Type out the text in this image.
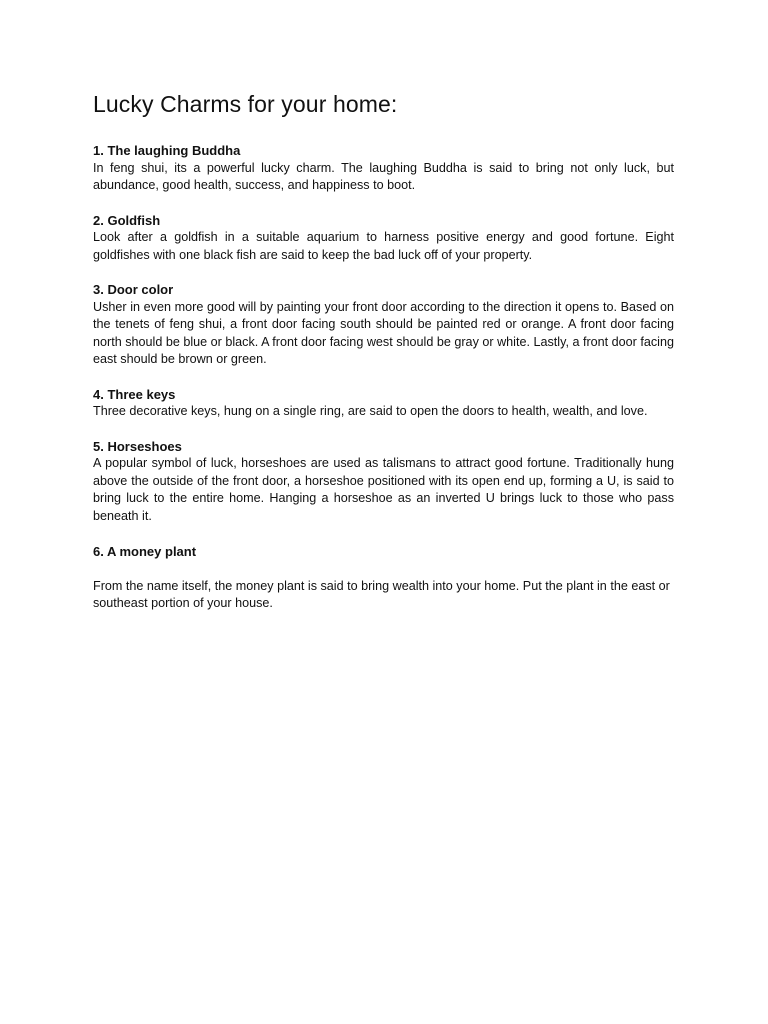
Lucky Charms for your home:

1. The laughing Buddha

In feng shui, its a powerful lucky charm. The laughing Buddha is said to bring not only luck, but abundance, good health, success, and happiness to boot.

2. Goldfish

Look after a goldfish in a suitable aquarium to harness positive energy and good fortune. Eight goldfishes with one black fish are said to keep the bad luck off of your property.

3. Door color

Usher in even more good will by painting your front door according to the direction it opens to. Based on the tenets of feng shui, a front door facing south should be painted red or orange. A front door facing north should be blue or black. A front door facing west should be gray or white. Lastly, a front door facing east should be brown or green.

4. Three keys

Three decorative keys, hung on a single ring, are said to open the doors to health, wealth, and love.

5. Horseshoes

A popular symbol of luck, horseshoes are used as talismans to attract good fortune. Traditionally hung above the outside of the front door, a horseshoe positioned with its open end up, forming a U, is said to bring luck to the entire home. Hanging a horseshoe as an inverted U brings luck to those who pass beneath it.

6. A money plant

From the name itself, the money plant is said to bring wealth into your home. Put the plant in the east or southeast portion of your house.
